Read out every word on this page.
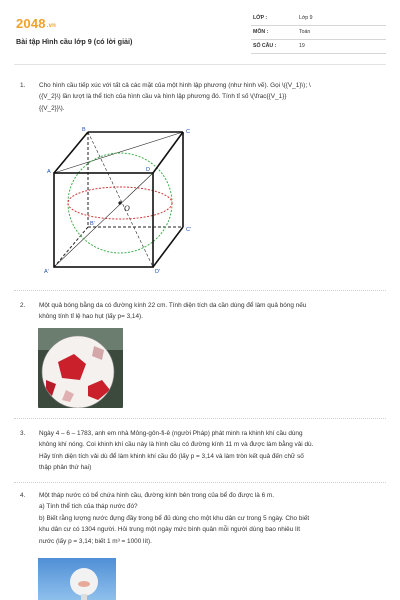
2048.vn
Bài tập Hình cầu lớp 9 (có lời giải)
LỚP :	Lớp 9
MÔN :	Toán
SỐ CÂU :	19
1. Cho hình cầu tiếp xúc với tất cả các mặt của một hình lập phương (như hình vẽ). Gọi \({V_1}\); \
({V_2}\) lần lượt là thể tích của hình cầu và hình lập phương đó. Tính tỉ số \(\frac{{V_1}}
{{V_2}}\).
O
B	C
A	D
B'
C'
A'	D'
2. Một quả bóng bằng da có đường kính 22 cm. Tính diện tích da cần dùng để làm quả bóng nếu
không tính tỉ lệ hao hụt (lấy p= 3,14).
3. Ngày 4 – 6 – 1783, anh em nhà Mông-gôn-fi-ê (người Pháp) phát minh ra khinh khí cầu dùng
không khí nóng. Coi khinh khí cầu này là hình cầu có đường kính 11 m và được làm bằng vải dù.
Hãy tính diện tích vải dù để làm khinh khí cầu đó (lấy p = 3,14 và làm tròn kết quả đến chữ số
thập phân thứ hai)
4. Một tháp nước có bể chứa hình cầu, đường kính bên trong của bể đo được là 6 m.
a) Tính thể tích của tháp nước đó?
b) Biết rằng lượng nước đựng đầy trong bể đủ dùng cho một khu dân cư trong 5 ngày. Cho biết
khu dân cư có 1304 người. Hỏi trung một ngày mức bình quân mỗi người dùng bao nhiêu lít
nước (lấy p = 3,14; biết 1 m³ = 1000 lít).
